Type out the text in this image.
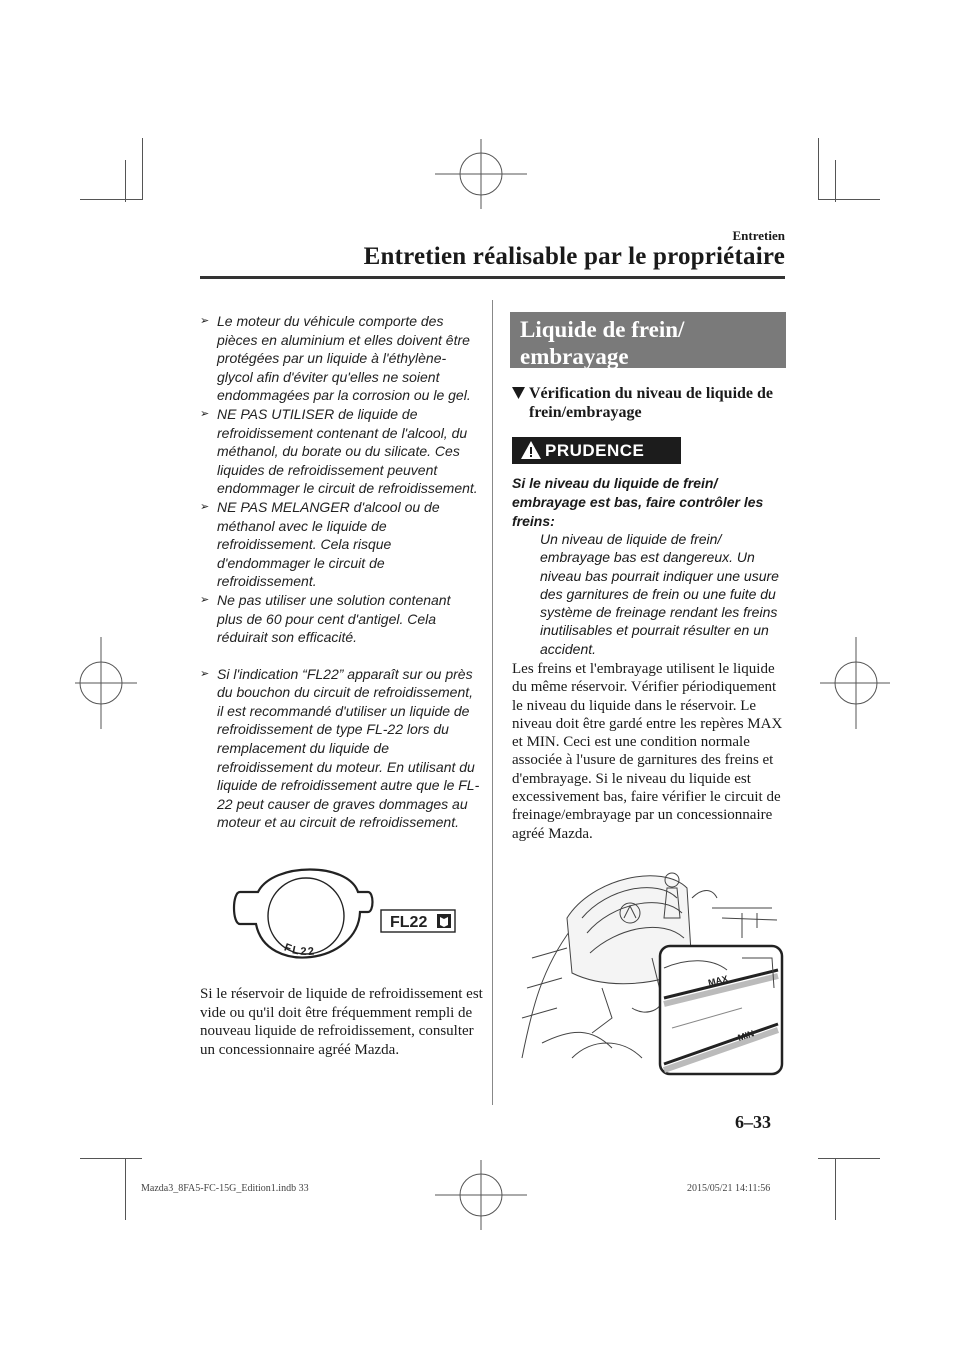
Entretien
Entretien réalisable par le propriétaire
➢ Le moteur du véhicule comporte des pièces en aluminium et elles doivent être protégées par un liquide à l'éthylène-glycol afin d'éviter qu'elles ne soient endommagées par la corrosion ou le gel.
➢ NE PAS UTILISER de liquide de refroidissement contenant de l'alcool, du méthanol, du borate ou du silicate. Ces liquides de refroidissement peuvent endommager le circuit de refroidissement.
➢ NE PAS MELANGER d'alcool ou de méthanol avec le liquide de refroidissement. Cela risque d'endommager le circuit de refroidissement.
➢ Ne pas utiliser une solution contenant plus de 60 pour cent d'antigel. Cela réduirait son efficacité.
➢ Si l'indication “FL22” apparaît sur ou près du bouchon du circuit de refroidissement, il est recommandé d'utiliser un liquide de refroidissement de type FL-22 lors du remplacement du liquide de refroidissement du moteur. En utilisant du liquide de refroidissement autre que le FL-22 peut causer de graves dommages au moteur et au circuit de refroidissement.
FL22
FL22
Si le réservoir de liquide de refroidissement est vide ou qu'il doit être fréquemment rempli de nouveau liquide de refroidissement, consulter un concessionnaire agréé Mazda.
Liquide de frein/ embrayage
Vérification du niveau de liquide de frein/embrayage
PRUDENCE
Si le niveau du liquide de frein/ embrayage est bas, faire contrôler les freins:
Un niveau de liquide de frein/ embrayage bas est dangereux. Un niveau bas pourrait indiquer une usure des garnitures de frein ou une fuite du système de freinage rendant les freins inutilisables et pourrait résulter en un accident.
Les freins et l'embrayage utilisent le liquide du même réservoir. Vérifier périodiquement le niveau du liquide dans le réservoir. Le niveau doit être gardé entre les repères MAX et MIN. Ceci est une condition normale associée à l'usure de garnitures des freins et d'embrayage. Si le niveau du liquide est excessivement bas, faire vérifier le circuit de freinage/embrayage par un concessionnaire agréé Mazda.
MAX
MIN
6–33
Mazda3_8FA5-FC-15G_Edition1.indb 33	2015/05/21 14:11:56
